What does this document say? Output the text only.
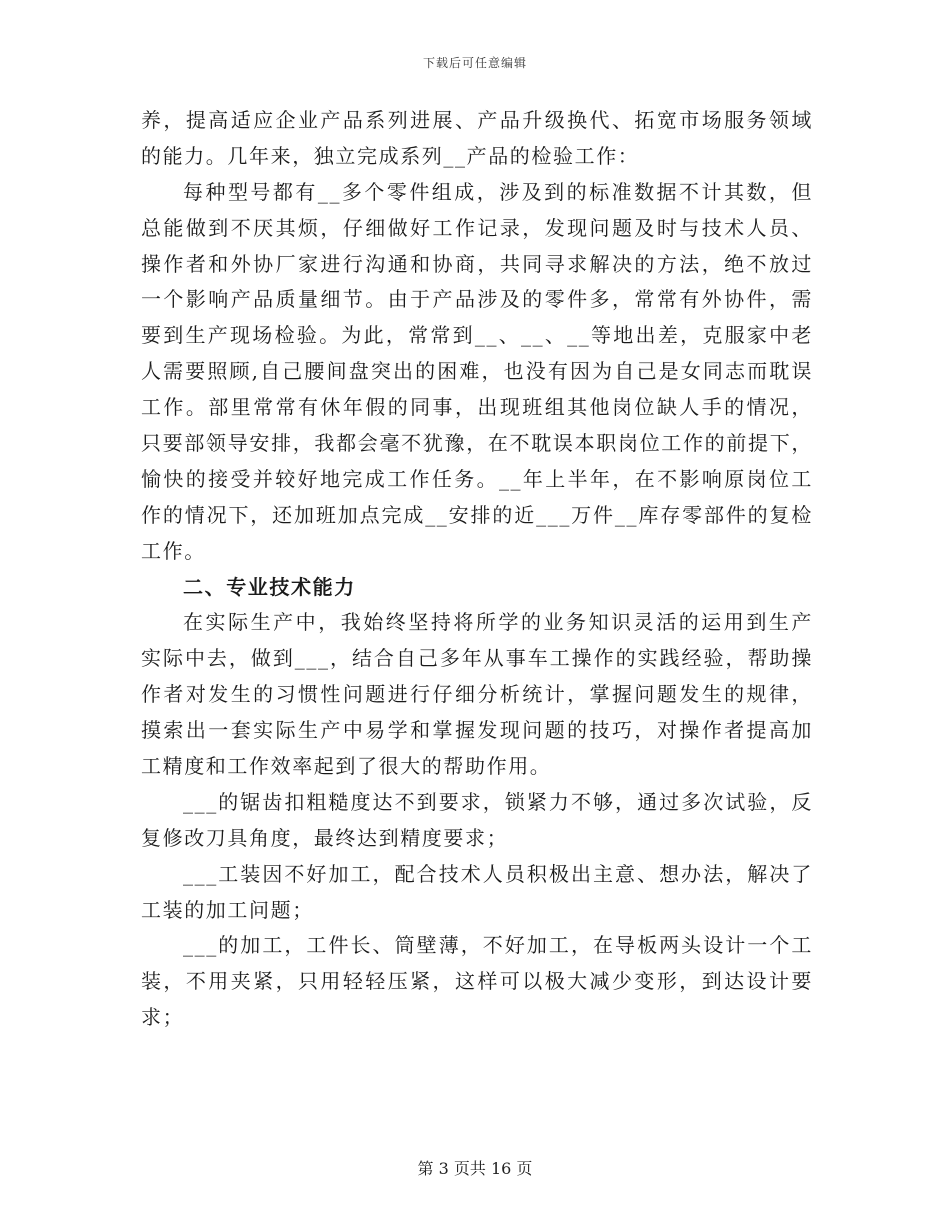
下载后可任意编辑
养，提高适应企业产品系列进展、产品升级换代、拓宽市场服务领域
的能力。几年来，独立完成系列__产品的检验工作：
每种型号都有__多个零件组成，涉及到的标准数据不计其数，但
总能做到不厌其烦，仔细做好工作记录，发现问题及时与技术人员、
操作者和外协厂家进行沟通和协商，共同寻求解决的方法，绝不放过
一个影响产品质量细节。由于产品涉及的零件多，常常有外协件，需
要到生产现场检验。为此，常常到__、__、__等地出差，克服家中老
人需要照顾,自己腰间盘突出的困难，也没有因为自己是女同志而耽误
工作。部里常常有休年假的同事，出现班组其他岗位缺人手的情况，
只要部领导安排，我都会毫不犹豫，在不耽误本职岗位工作的前提下，
愉快的接受并较好地完成工作任务。__年上半年，在不影响原岗位工
作的情况下，还加班加点完成__安排的近___万件__库存零部件的复检
工作。
二、专业技术能力
在实际生产中，我始终坚持将所学的业务知识灵活的运用到生产
实际中去，做到___，结合自己多年从事车工操作的实践经验，帮助操
作者对发生的习惯性问题进行仔细分析统计，掌握问题发生的规律，
摸索出一套实际生产中易学和掌握发现问题的技巧，对操作者提高加
工精度和工作效率起到了很大的帮助作用。
___的锯齿扣粗糙度达不到要求，锁紧力不够，通过多次试验，反
复修改刀具角度，最终达到精度要求；
___工装因不好加工，配合技术人员积极出主意、想办法，解决了
工装的加工问题；
___的加工，工件长、筒壁薄，不好加工，在导板两头设计一个工
装，不用夹紧，只用轻轻压紧，这样可以极大减少变形，到达设计要
求；
第 3 页共 16 页
